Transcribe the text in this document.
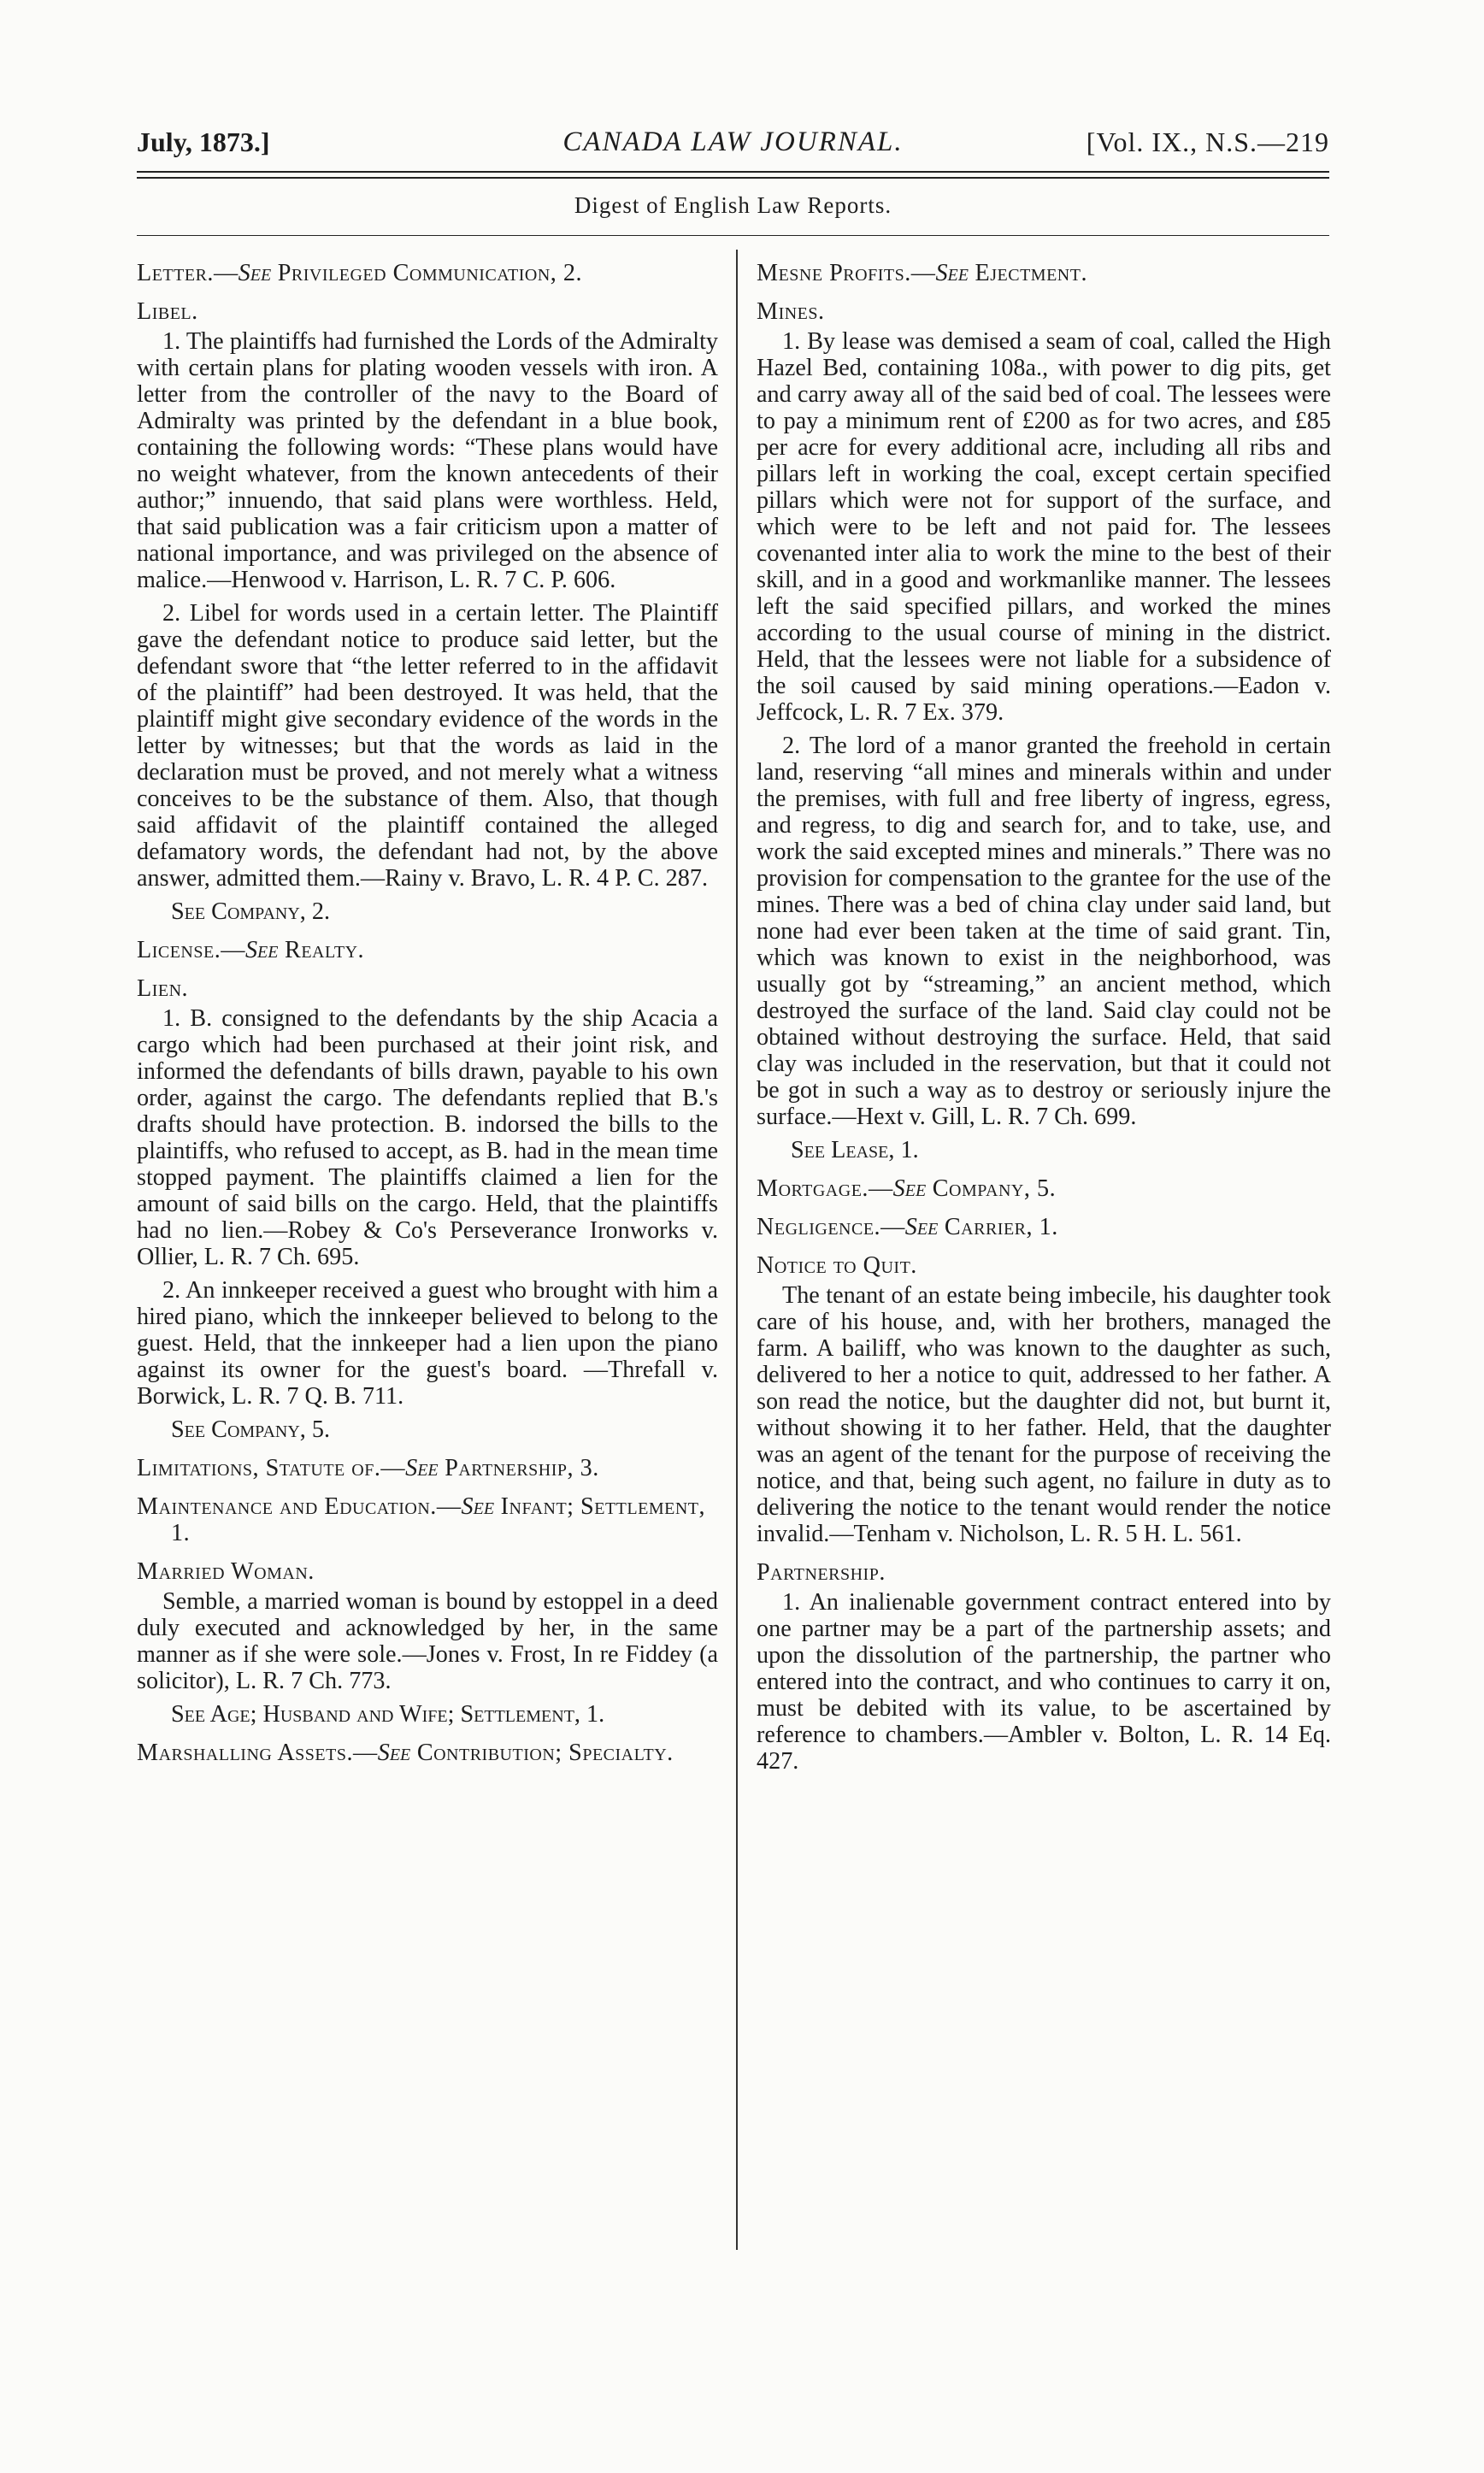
July, 1873.]	CANADA LAW JOURNAL.	[Vol. IX., N.S.—219
Digest of English Law Reports.
Letter.—See Privileged Communication, 2.
Libel.

1. The plaintiffs had furnished the Lords of the Admiralty with certain plans for plating wooden vessels with iron. A letter from the controller of the navy to the Board of Admiralty was printed by the defendant in a blue book, containing the following words: “These plans would have no weight whatever, from the known antecedents of their author;” innuendo, that said plans were worthless. Held, that said publication was a fair criticism upon a matter of national importance, and was privileged on the absence of malice.—Henwood v. Harrison, L. R. 7 C. P. 606.

2. Libel for words used in a certain letter. The Plaintiff gave the defendant notice to produce said letter, but the defendant swore that “the letter referred to in the affidavit of the plaintiff” had been destroyed. It was held, that the plaintiff might give secondary evidence of the words in the letter by witnesses; but that the words as laid in the declaration must be proved, and not merely what a witness conceives to be the substance of them. Also, that though said affidavit of the plaintiff contained the alleged defamatory words, the defendant had not, by the above answer, admitted them.—Rainy v. Bravo, L. R. 4 P. C. 287.

See Company, 2.
License.—See Realty.
Lien.

1. B. consigned to the defendants by the ship Acacia a cargo which had been purchased at their joint risk, and informed the defendants of bills drawn, payable to his own order, against the cargo. The defendants replied that B.'s drafts should have protection. B. indorsed the bills to the plaintiffs, who refused to accept, as B. had in the mean time stopped payment. The plaintiffs claimed a lien for the amount of said bills on the cargo. Held, that the plaintiffs had no lien.—Robey & Co's Perseverance Ironworks v. Ollier, L. R. 7 Ch. 695.

2. An innkeeper received a guest who brought with him a hired piano, which the innkeeper believed to belong to the guest. Held, that the innkeeper had a lien upon the piano against its owner for the guest's board. —Threfall v. Borwick, L. R. 7 Q. B. 711.

See Company, 5.
Limitations, Statute of.—See Partnership, 3.
Maintenance and Education.—See Infant; Settlement, 1.
Married Woman.

Semble, a married woman is bound by estoppel in a deed duly executed and acknowledged by her, in the same manner as if she were sole.—Jones v. Frost, In re Fiddey (a solicitor), L. R. 7 Ch. 773.

See Age; Husband and Wife; Settlement, 1.
Marshalling Assets.—See Contribution; Specialty.
Mesne Profits.—See Ejectment.
Mines.

1. By lease was demised a seam of coal, called the High Hazel Bed, containing 108a., with power to dig pits, get and carry away all of the said bed of coal. The lessees were to pay a minimum rent of £200 as for two acres, and £85 per acre for every additional acre, including all ribs and pillars left in working the coal, except certain specified pillars which were not for support of the surface, and which were to be left and not paid for. The lessees covenanted inter alia to work the mine to the best of their skill, and in a good and workmanlike manner. The lessees left the said specified pillars, and worked the mines according to the usual course of mining in the district. Held, that the lessees were not liable for a subsidence of the soil caused by said mining operations.—Eadon v. Jeffcock, L. R. 7 Ex. 379.

2. The lord of a manor granted the freehold in certain land, reserving “all mines and minerals within and under the premises, with full and free liberty of ingress, egress, and regress, to dig and search for, and to take, use, and work the said excepted mines and minerals.” There was no provision for compensation to the grantee for the use of the mines. There was a bed of china clay under said land, but none had ever been taken at the time of said grant. Tin, which was known to exist in the neighborhood, was usually got by “streaming,” an ancient method, which destroyed the surface of the land. Said clay could not be obtained without destroying the surface. Held, that said clay was included in the reservation, but that it could not be got in such a way as to destroy or seriously injure the surface.—Hext v. Gill, L. R. 7 Ch. 699.

See Lease, 1.
Mortgage.—See Company, 5.
Negligence.—See Carrier, 1.
Notice to Quit.

The tenant of an estate being imbecile, his daughter took care of his house, and, with her brothers, managed the farm. A bailiff, who was known to the daughter as such, delivered to her a notice to quit, addressed to her father. A son read the notice, but the daughter did not, but burnt it, without showing it to her father. Held, that the daughter was an agent of the tenant for the purpose of receiving the notice, and that, being such agent, no failure in duty as to delivering the notice to the tenant would render the notice invalid.—Tenham v. Nicholson, L. R. 5 H. L. 561.

Partnership.

1. An inalienable government contract entered into by one partner may be a part of the partnership assets; and upon the dissolution of the partnership, the partner who entered into the contract, and who continues to carry it on, must be debited with its value, to be ascertained by reference to chambers.—Ambler v. Bolton, L. R. 14 Eq. 427.
